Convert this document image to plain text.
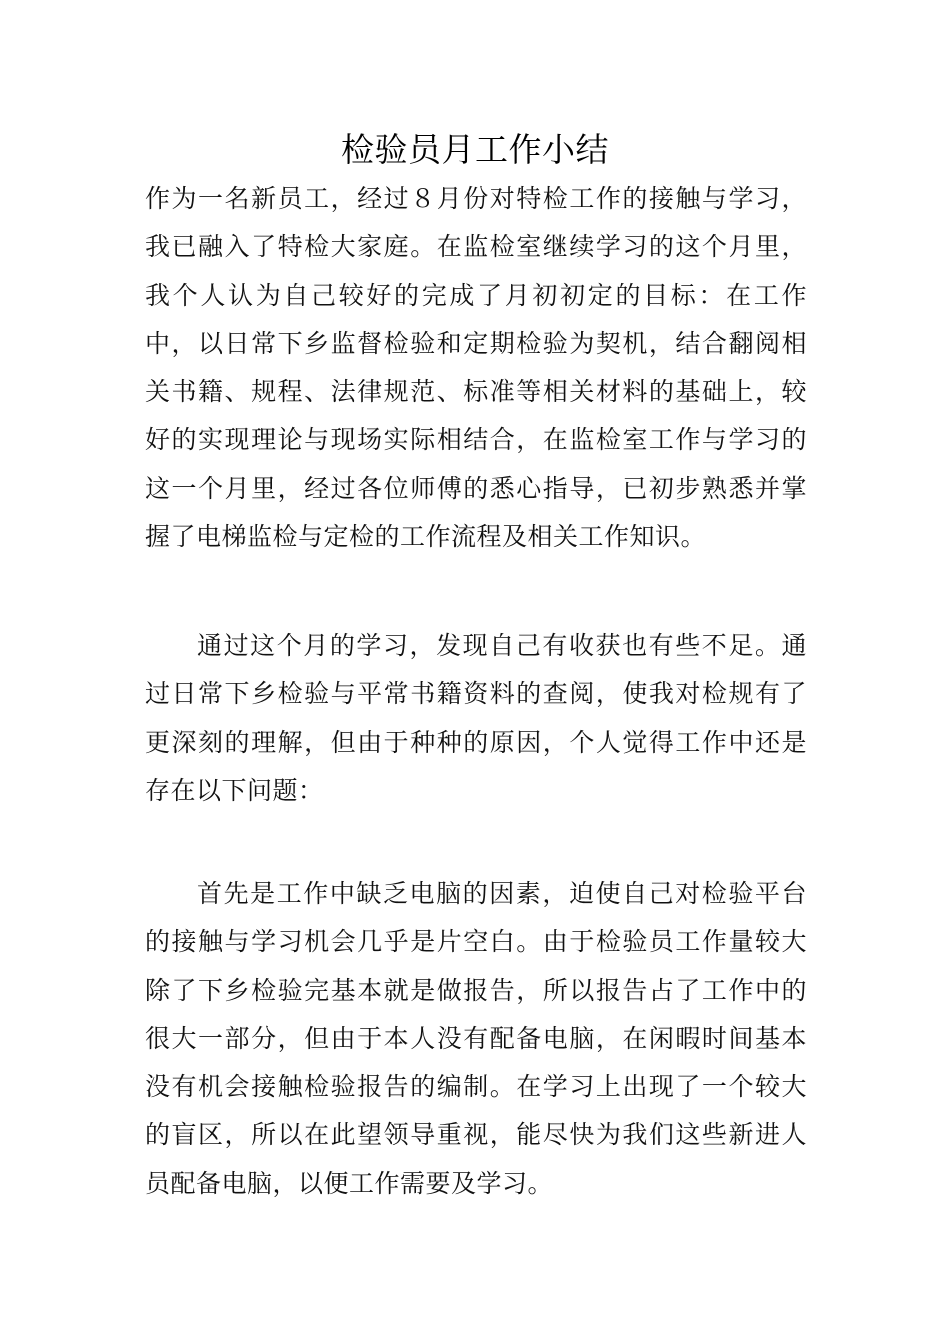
检验员月工作小结

作为一名新员工，经过８月份对特检工作的接触与学习，我已融入了特检大家庭。在监检室继续学习的这个月里，我个人认为自己较好的完成了月初初定的目标：在工作中，以日常下乡监督检验和定期检验为契机，结合翻阅相关书籍、规程、法律规范、标准等相关材料的基础上，较好的实现理论与现场实际相结合，在监检室工作与学习的这一个月里，经过各位师傅的悉心指导，已初步熟悉并掌握了电梯监检与定检的工作流程及相关工作知识。

通过这个月的学习，发现自己有收获也有些不足。通过日常下乡检验与平常书籍资料的查阅，使我对检规有了更深刻的理解，但由于种种的原因，个人觉得工作中还是存在以下问题：

首先是工作中缺乏电脑的因素，迫使自己对检验平台的接触与学习机会几乎是片空白。由于检验员工作量较大除了下乡检验完基本就是做报告，所以报告占了工作中的很大一部分，但由于本人没有配备电脑，在闲暇时间基本没有机会接触检验报告的编制。在学习上出现了一个较大的盲区，所以在此望领导重视，能尽快为我们这些新进人员配备电脑，以便工作需要及学习。
